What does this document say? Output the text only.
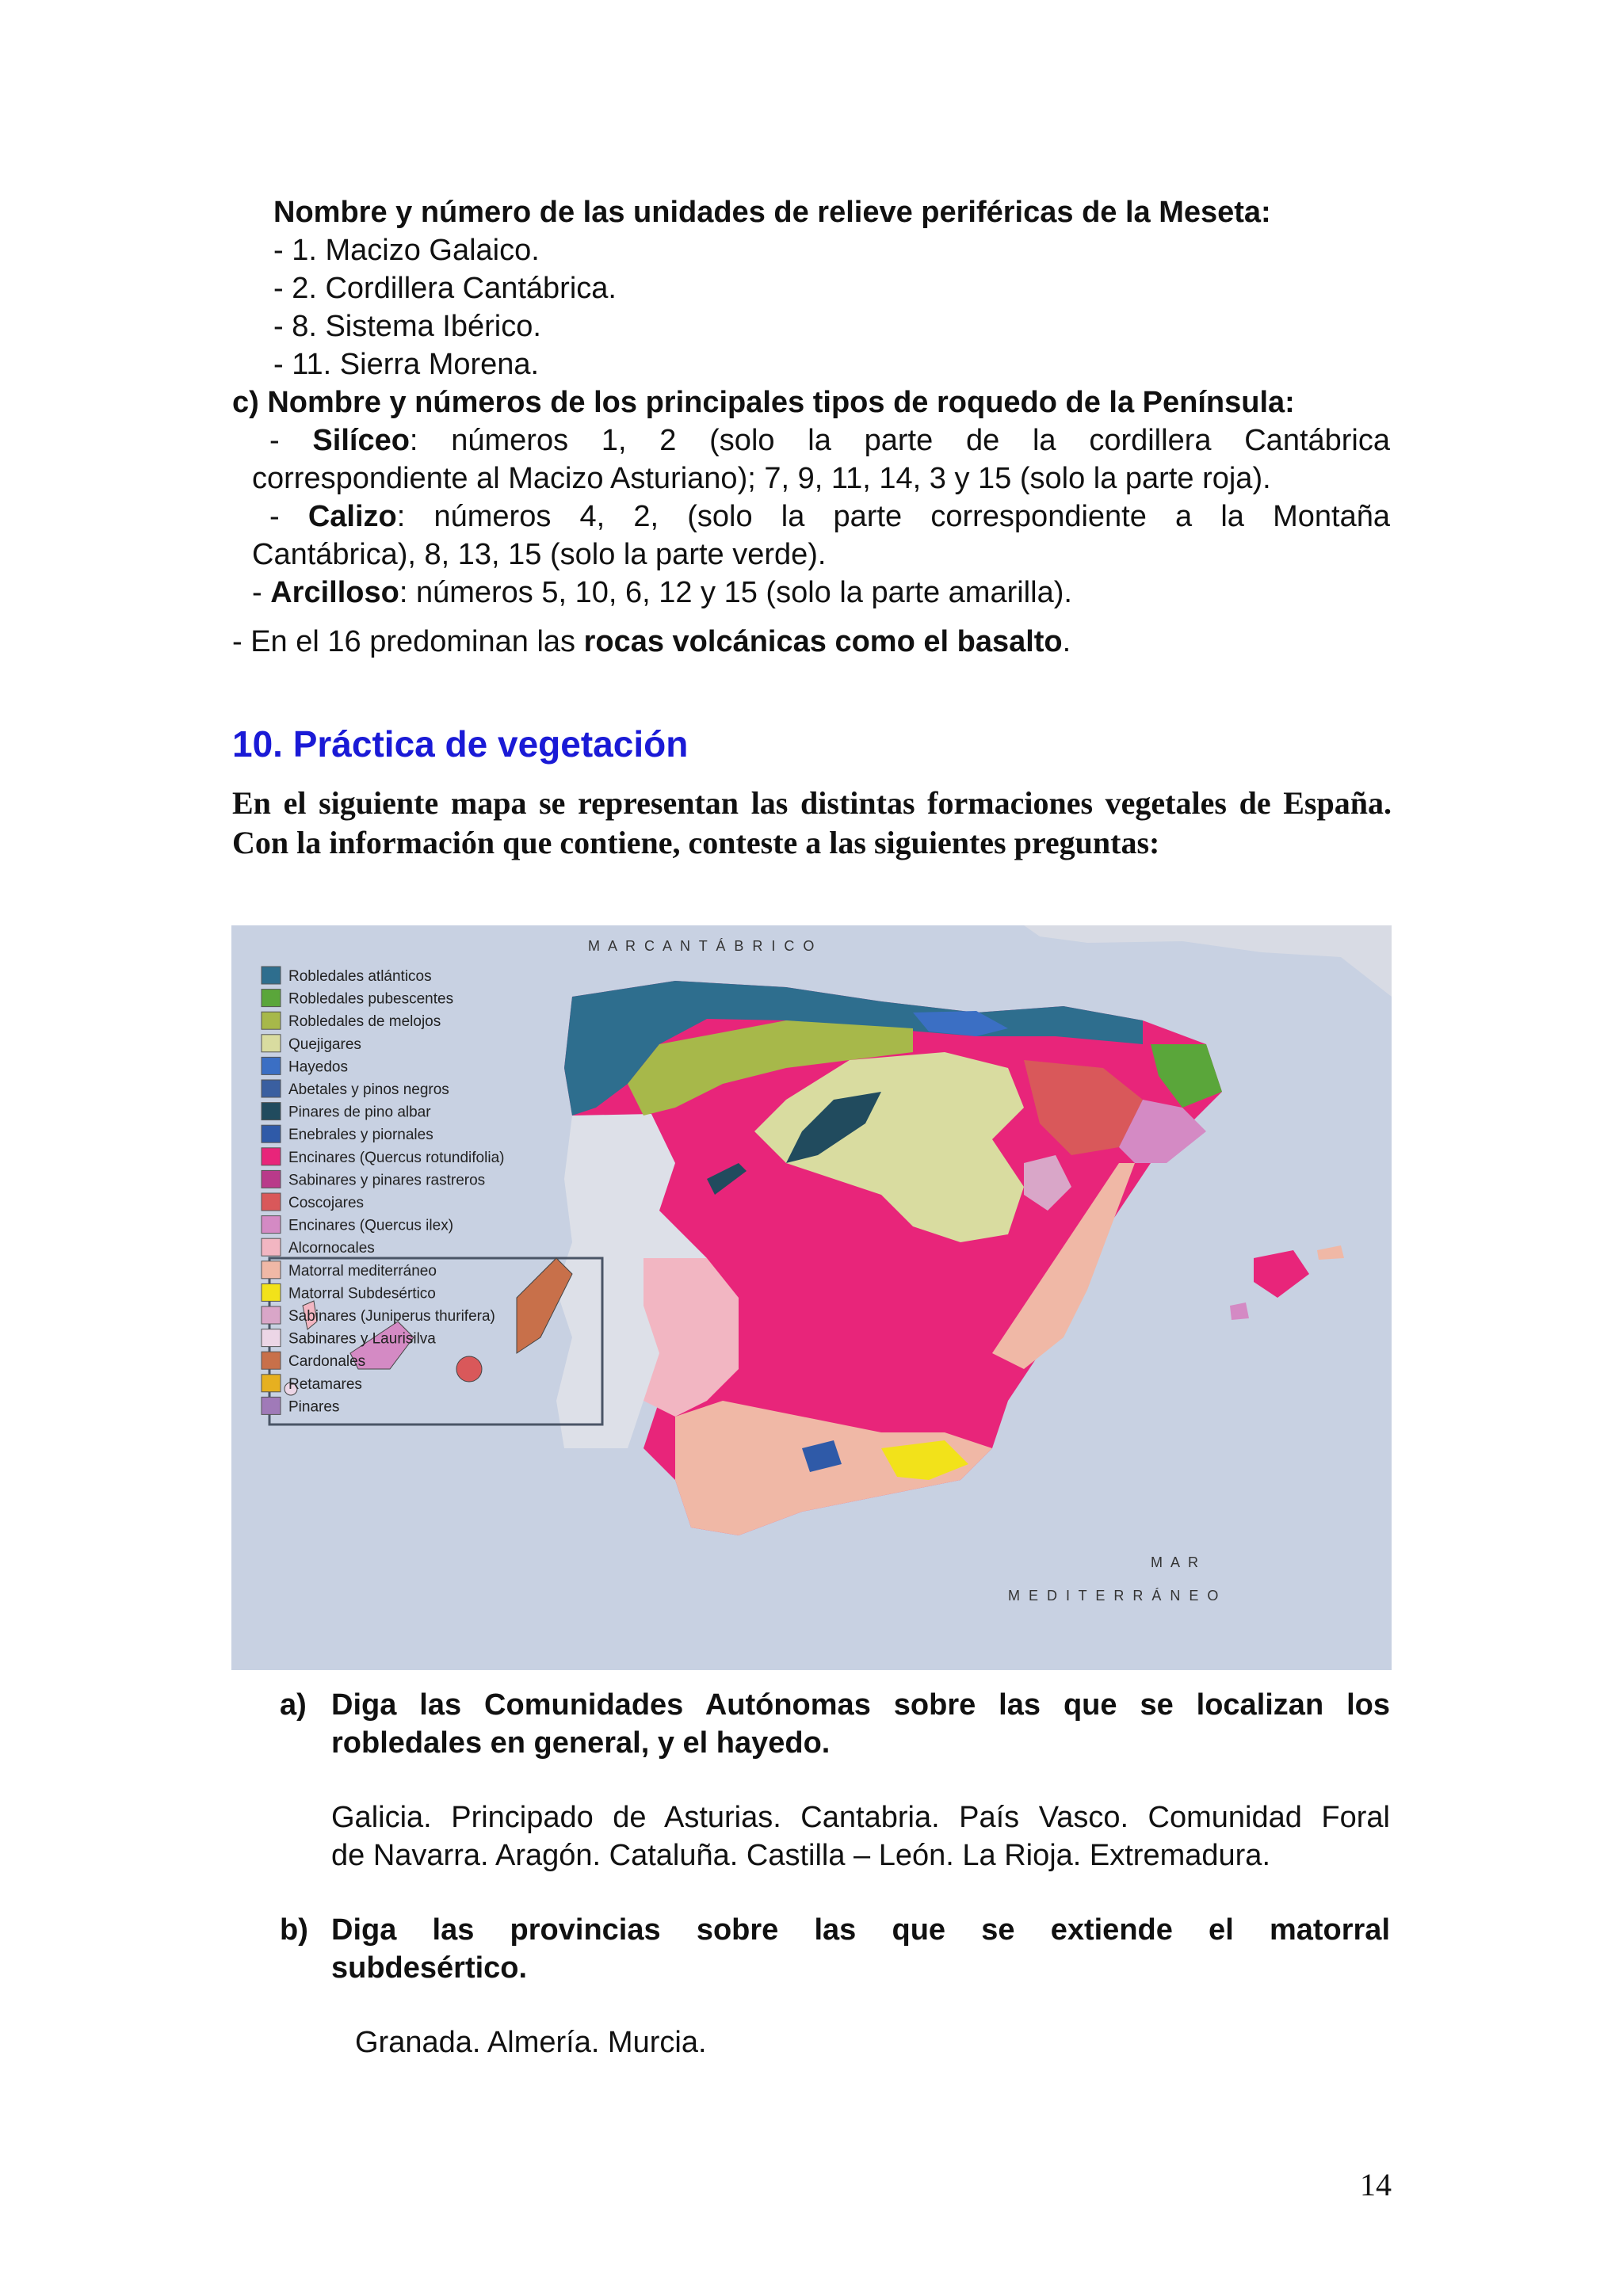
Nombre y número de las unidades de relieve periféricas de la Meseta:
- 1. Macizo Galaico.
- 2. Cordillera Cantábrica.
- 8. Sistema Ibérico.
- 11. Sierra Morena.
c) Nombre y números de los principales tipos de roquedo de la Península:
- Silíceo: números 1, 2 (solo la parte de la cordillera Cantábrica
correspondiente al Macizo Asturiano); 7, 9, 11, 14, 3 y 15 (solo la parte roja).
- Calizo: números 4, 2, (solo la parte correspondiente a la Montaña
Cantábrica), 8, 13, 15 (solo la parte verde).
- Arcilloso: números 5, 10, 6, 12 y 15 (solo la parte amarilla).
- En el 16 predominan las rocas volcánicas como el basalto.
10. Práctica de vegetación
En el siguiente mapa se representan las distintas formaciones vegetales de España.
Con la información que contiene, conteste a las siguientes preguntas:
Robledales atlánticos
Robledales pubescentes
Robledales de melojos
Quejigares
Hayedos
Abetales y pinos negros
Pinares de pino albar
Enebrales y piornales
Encinares (Quercus rotundifolia)
Sabinares y pinares rastreros
Coscojares
Encinares (Quercus ilex)
Alcornocales
Matorral mediterráneo
Matorral Subdesértico
Sabinares (Juniperus thurifera)
Sabinares y Laurisilva
Cardonales
Retamares
Pinares
M A R C A N T Á B R I C O
M A R
M E D I T E R R Á N E O
a) Diga las Comunidades Autónomas sobre las que se localizan los
robledales en general, y el hayedo.
Galicia. Principado de Asturias. Cantabria. País Vasco. Comunidad Foral
de Navarra. Aragón. Cataluña. Castilla – León. La Rioja. Extremadura.
b) Diga las provincias sobre las que se extiende el matorral
subdesértico.
Granada. Almería. Murcia.
14
